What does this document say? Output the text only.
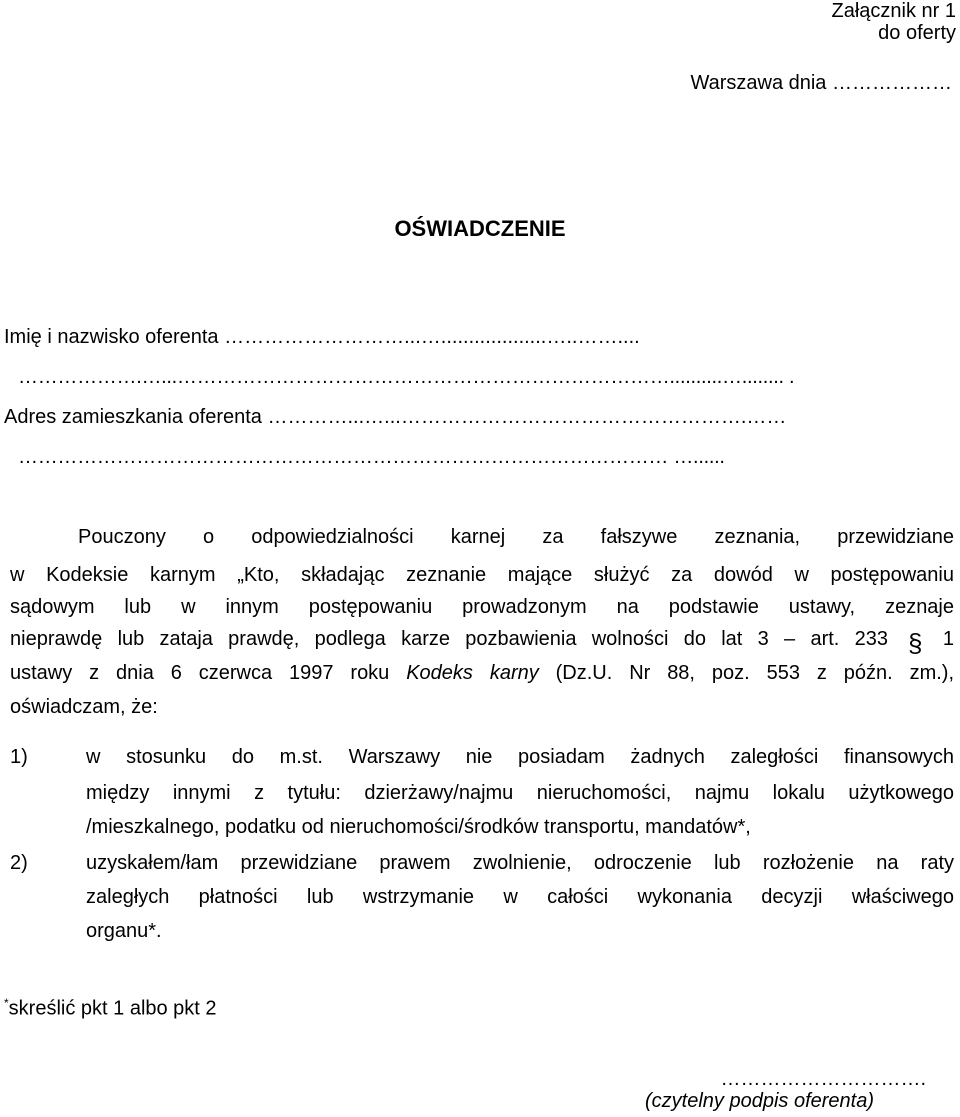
Załącznik nr 1
do oferty
Warszawa dnia ………………
OŚWIADCZENIE
Imię i nazwisko oferenta ………………………...…...................…..……....
……………….…...…………………………………………………………………..........…........ .
Adres zamieszkania oferenta …………...…...…………………………………………….……
……………………………………………………………………………………… …......
Pouczony o odpowiedzialności karnej za fałszywe zeznania, przewidziane
w Kodeksie karnym „Kto, składając zeznanie mające służyć za dowód w postępowaniu
sądowym lub w innym postępowaniu prowadzonym na podstawie ustawy, zeznaje
nieprawdę lub zataja prawdę, podlega karze pozbawienia wolności do lat 3 – art. 233 § 1
ustawy z dnia 6 czerwca 1997 roku Kodeks karny (Dz.U. Nr 88, poz. 553 z późn. zm.),
oświadczam, że:
1)	w stosunku do m.st. Warszawy nie posiadam żadnych zaległości finansowych
między innymi z tytułu: dzierżawy/najmu nieruchomości, najmu lokalu użytkowego
/mieszkalnego, podatku od nieruchomości/środków transportu, mandatów*,
2)	uzyskałem/łam przewidziane prawem zwolnienie, odroczenie lub rozłożenie na raty
zaległych płatności lub wstrzymanie w całości wykonania decyzji właściwego
organu*.
*skreślić pkt 1 albo pkt 2
………………………….
(czytelny podpis oferenta)
